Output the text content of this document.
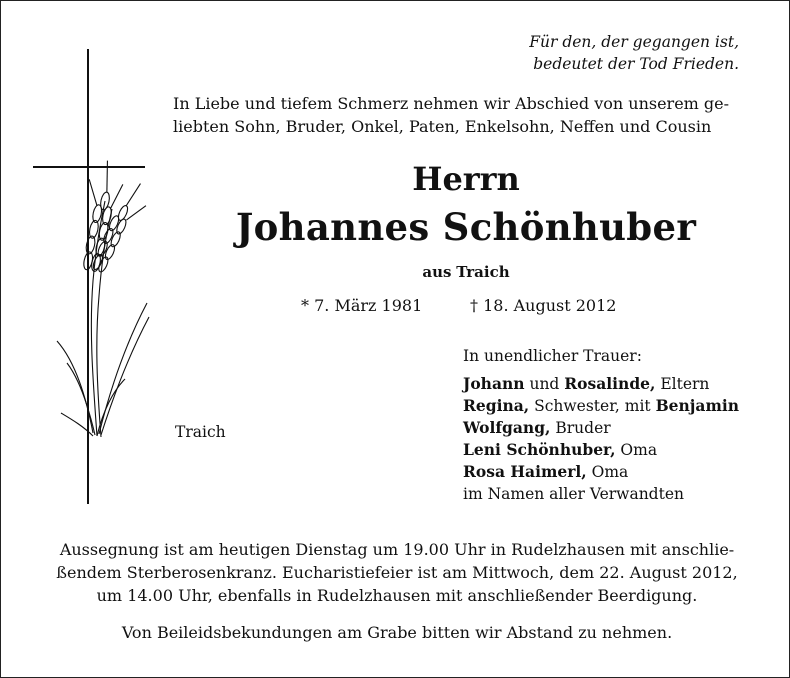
Für den, der gegangen ist,
bedeutet der Tod Frieden.
In Liebe und tiefem Schmerz nehmen wir Abschied von unserem ge-
liebten Sohn, Bruder, Onkel, Paten, Enkelsohn, Neffen und Cousin
Herrn
Johannes Schönhuber
aus Traich
* 7. März 1981	† 18. August 2012
In unendlicher Trauer:
Johann und Rosalinde, Eltern
Regina, Schwester, mit Benjamin
Wolfgang, Bruder
Leni Schönhuber, Oma
Rosa Haimerl, Oma
im Namen aller Verwandten
Traich
Aussegnung ist am heutigen Dienstag um 19.00 Uhr in Rudelzhausen mit anschlie-
ßendem Sterberosenkranz. Eucharistiefeier ist am Mittwoch, dem 22. August 2012,
um 14.00 Uhr, ebenfalls in Rudelzhausen mit anschließender Beerdigung.
Von Beileidsbekundungen am Grabe bitten wir Abstand zu nehmen.
